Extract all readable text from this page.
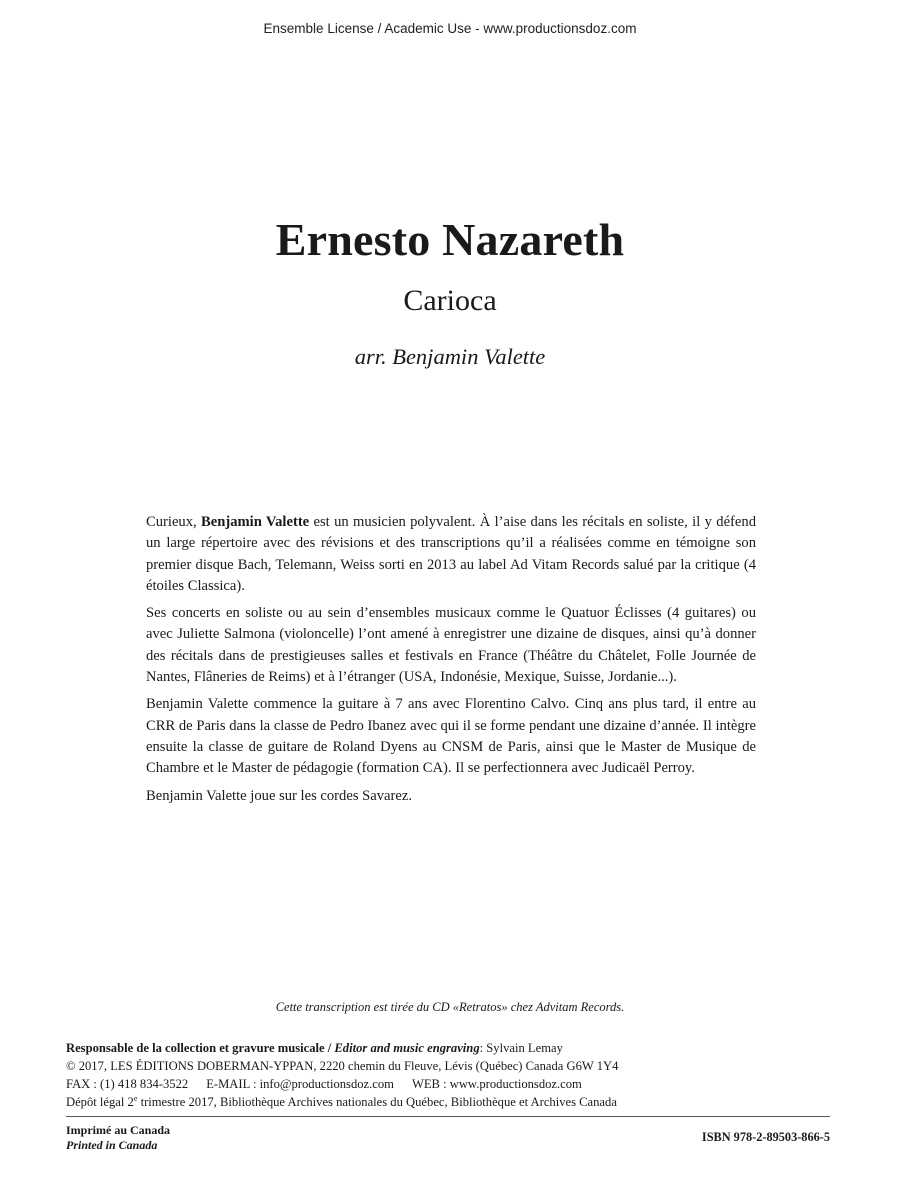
Ensemble License / Academic Use - www.productionsdoz.com
Ernesto Nazareth
Carioca
arr. Benjamin Valette

Curieux, Benjamin Valette est un musicien polyvalent. À l’aise dans les récitals en soliste, il y défend un large répertoire avec des révisions et des transcriptions qu’il a réalisées comme en témoigne son premier disque Bach, Telemann, Weiss sorti en 2013 au label Ad Vitam Records salué par la critique (4 étoiles Classica).

Ses concerts en soliste ou au sein d’ensembles musicaux comme le Quatuor Éclisses (4 guitares) ou avec Juliette Salmona (violoncelle) l’ont amené à enregistrer une dizaine de disques, ainsi qu’à donner des récitals dans de prestigieuses salles et festivals en France (Théâtre du Châtelet, Folle Journée de Nantes, Flâneries de Reims) et à l’étranger (USA, Indonésie, Mexique, Suisse, Jordanie...).

Benjamin Valette commence la guitare à 7 ans avec Florentino Calvo. Cinq ans plus tard, il entre au CRR de Paris dans la classe de Pedro Ibanez avec qui il se forme pendant une dizaine d’année. Il intègre ensuite la classe de guitare de Roland Dyens au CNSM de Paris, ainsi que le Master de Musique de Chambre et le Master de pédagogie (formation CA). Il se perfectionnera avec Judicaël Perroy.

Benjamin Valette joue sur les cordes Savarez.

Cette transcription est tirée du CD «Retratos» chez Advitam Records.
Responsable de la collection et gravure musicale / Editor and music engraving: Sylvain Lemay
© 2017, LES ÉDITIONS DOBERMAN-YPPAN, 2220 chemin du Fleuve, Lévis (Québec) Canada G6W 1Y4
FAX : (1) 418 834-3522 E-MAIL : info@productionsdoz.com WEB : www.productionsdoz.com
Dépôt légal 2e trimestre 2017, Bibliothèque Archives nationales du Québec, Bibliothèque et Archives Canada
Imprimé au Canada
Printed in Canada
ISBN 978-2-89503-866-5
